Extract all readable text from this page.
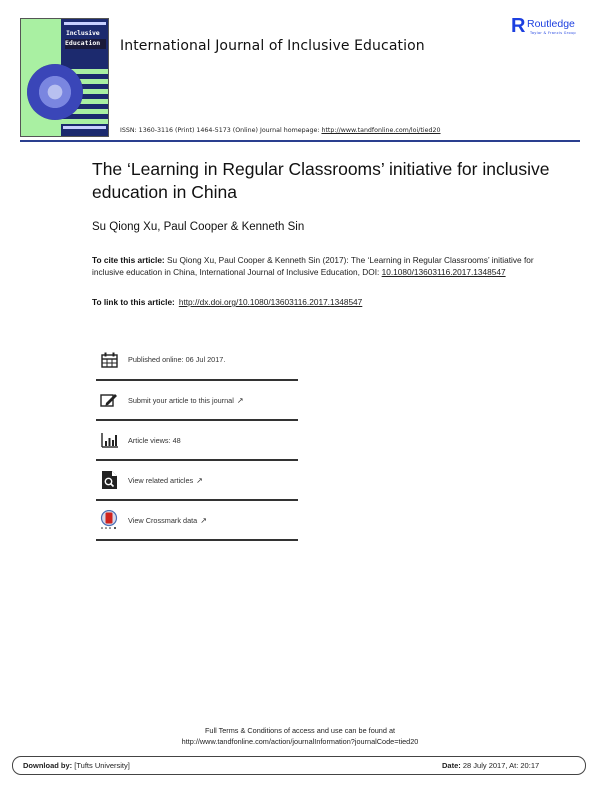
Inclusive
Education	International Journal of Inclusive Education
R Routledge
Taylor & Francis Group
ISSN: 1360-3116 (Print) 1464-5173 (Online) Journal homepage: http://www.tandfonline.com/loi/tied20
The ‘Learning in Regular Classrooms’ initiative for inclusive education in China
Su Qiong Xu, Paul Cooper & Kenneth Sin
To cite this article: Su Qiong Xu, Paul Cooper & Kenneth Sin (2017): The ‘Learning in Regular Classrooms’ initiative for inclusive education in China, International Journal of Inclusive Education, DOI: 10.1080/13603116.2017.1348547
To link to this article: http://dx.doi.org/10.1080/13603116.2017.1348547
Published online: 06 Jul 2017.
Submit your article to this journal ↗
Article views: 48
View related articles ↗
View Crossmark data ↗
Full Terms & Conditions of access and use can be found at
http://www.tandfonline.com/action/journalInformation?journalCode=tied20
Download by: [Tufts University]	Date: 28 July 2017, At: 20:17
